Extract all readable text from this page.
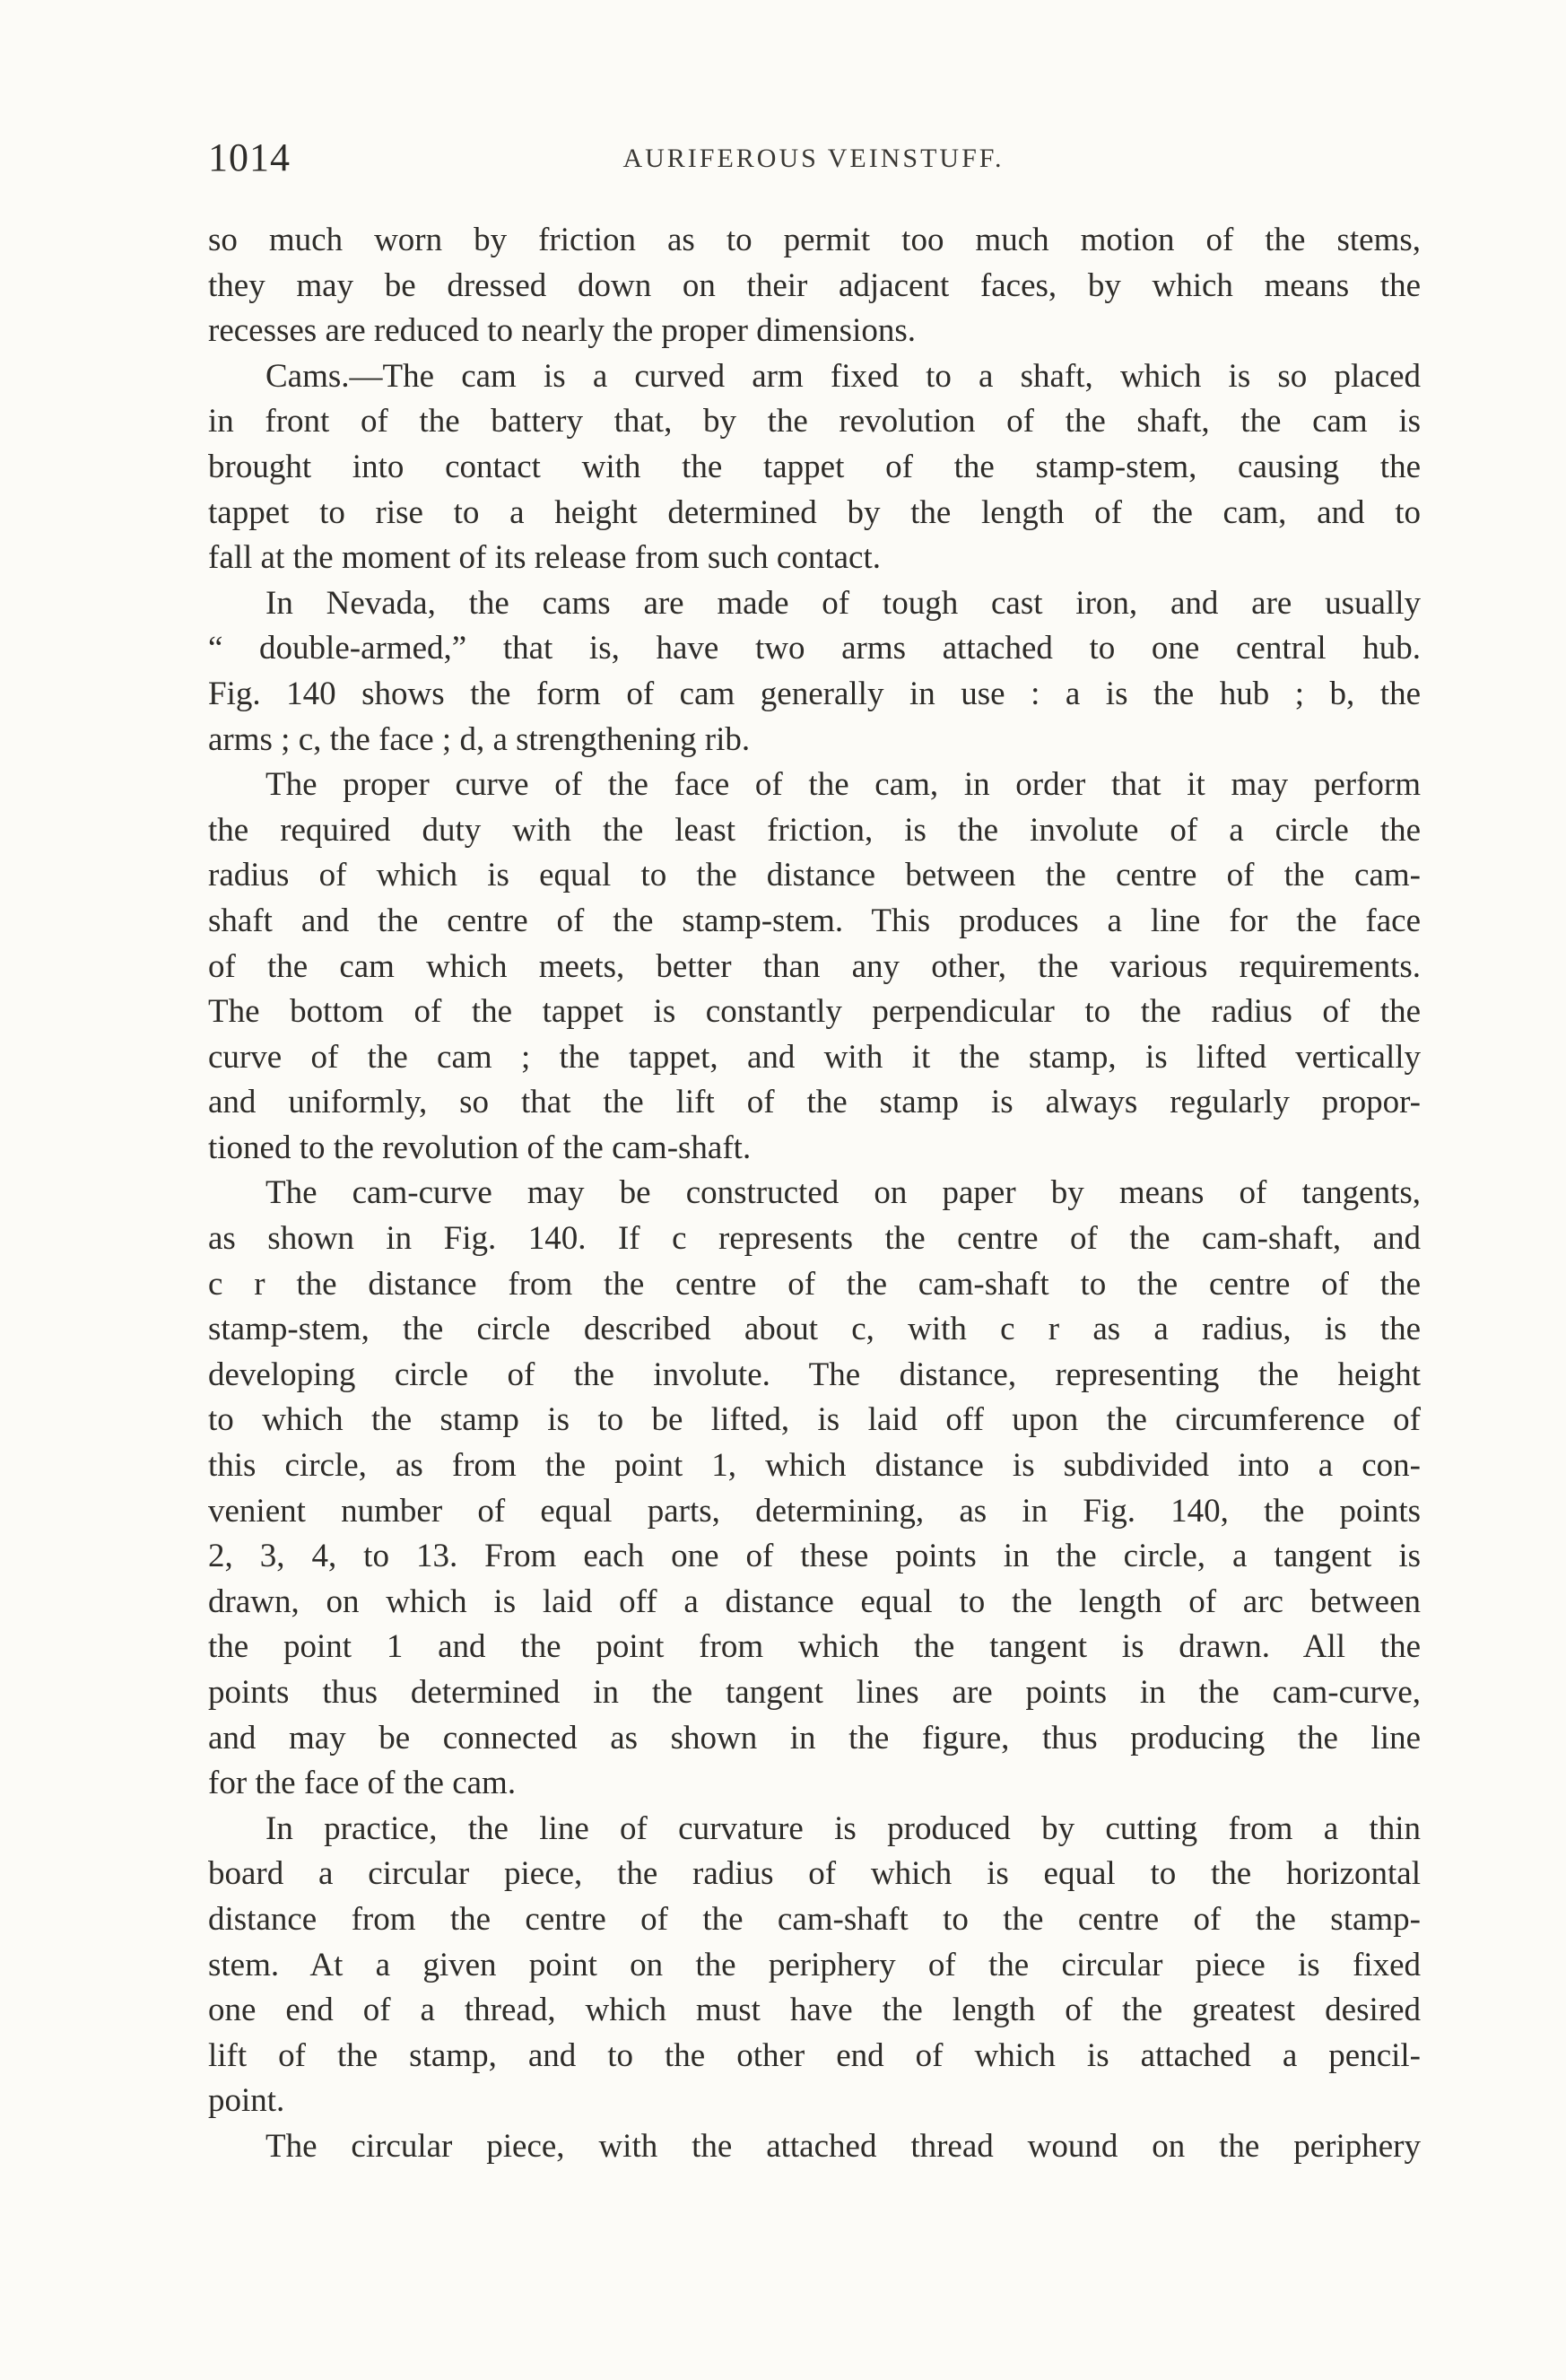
1014	AURIFEROUS VEINSTUFF.
so much worn by friction as to permit too much motion of the stems,
they may be dressed down on their adjacent faces, by which means the
recesses are reduced to nearly the proper dimensions.
Cams.—The cam is a curved arm fixed to a shaft, which is so placed
in front of the battery that, by the revolution of the shaft, the cam is
brought into contact with the tappet of the stamp-stem, causing the
tappet to rise to a height determined by the length of the cam, and to
fall at the moment of its release from such contact.
In Nevada, the cams are made of tough cast iron, and are usually
“ double-armed,” that is, have two arms attached to one central hub.
Fig. 140 shows the form of cam generally in use : a is the hub ; b, the
arms ; c, the face ; d, a strengthening rib.
The proper curve of the face of the cam, in order that it may perform
the required duty with the least friction, is the involute of a circle the
radius of which is equal to the distance between the centre of the cam-
shaft and the centre of the stamp-stem. This produces a line for the face
of the cam which meets, better than any other, the various requirements.
The bottom of the tappet is constantly perpendicular to the radius of the
curve of the cam ; the tappet, and with it the stamp, is lifted vertically
and uniformly, so that the lift of the stamp is always regularly propor-
tioned to the revolution of the cam-shaft.
The cam-curve may be constructed on paper by means of tangents,
as shown in Fig. 140. If c represents the centre of the cam-shaft, and
c r the distance from the centre of the cam-shaft to the centre of the
stamp-stem, the circle described about c, with c r as a radius, is the
developing circle of the involute. The distance, representing the height
to which the stamp is to be lifted, is laid off upon the circumference of
this circle, as from the point 1, which distance is subdivided into a con-
venient number of equal parts, determining, as in Fig. 140, the points
2, 3, 4, to 13. From each one of these points in the circle, a tangent is
drawn, on which is laid off a distance equal to the length of arc between
the point 1 and the point from which the tangent is drawn. All the
points thus determined in the tangent lines are points in the cam-curve,
and may be connected as shown in the figure, thus producing the line
for the face of the cam.
In practice, the line of curvature is produced by cutting from a thin
board a circular piece, the radius of which is equal to the horizontal
distance from the centre of the cam-shaft to the centre of the stamp-
stem. At a given point on the periphery of the circular piece is fixed
one end of a thread, which must have the length of the greatest desired
lift of the stamp, and to the other end of which is attached a pencil-
point.
The circular piece, with the attached thread wound on the periphery
